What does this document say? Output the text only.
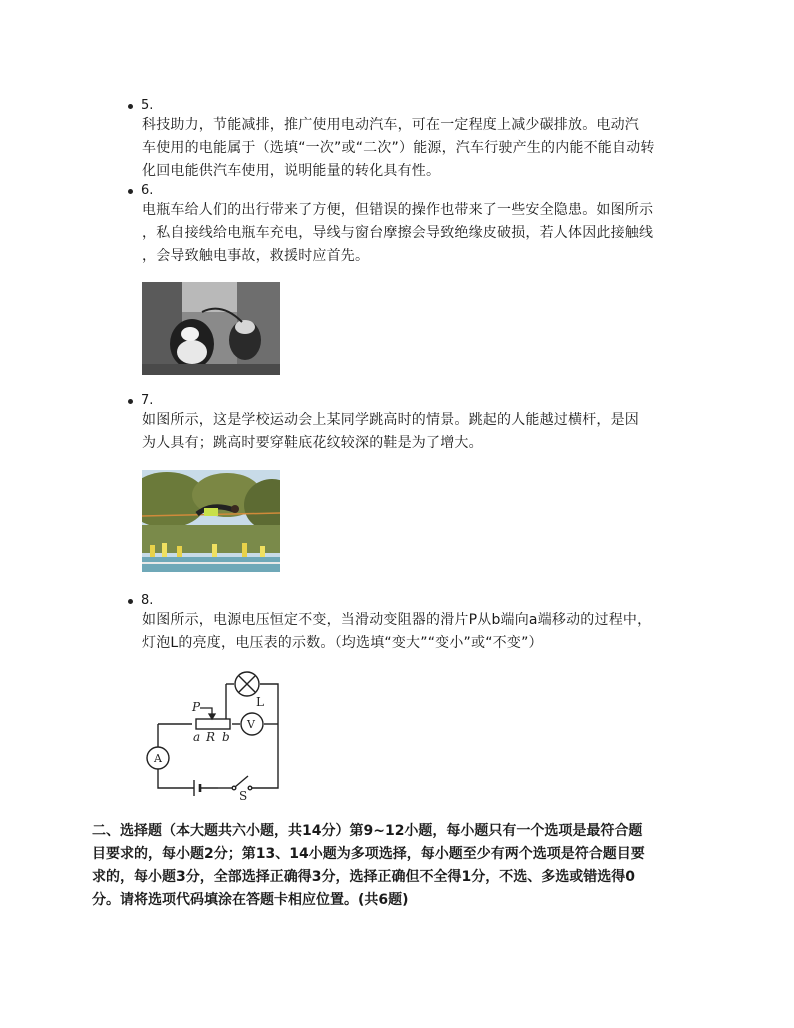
5.

科技助力，节能减排，推广使用电动汽车，可在一定程度上减少碳排放。电动汽

车使用的电能属于（选填“一次”或“二次”）能源，汽车行驶产生的内能不能自动转

化回电能供汽车使用，说明能量的转化具有性。

6.

电瓶车给人们的出行带来了方便，但错误的操作也带来了一些安全隐患。如图所示

，私自接线给电瓶车充电，导线与窗台摩擦会导致绝缘皮破损，若人体因此接触线

，会导致触电事故，救援时应首先。

7.

如图所示，这是学校运动会上某同学跳高时的情景。跳起的人能越过横杆，是因

为人具有；跳高时要穿鞋底花纹较深的鞋是为了增大。

8.

如图所示，电源电压恒定不变，当滑动变阻器的滑片P从b端向a端移动的过程中，

灯泡L的亮度，电压表的示数。（均选填“变大”“变小”或“不变”）

P
a R b
L
V
A
S

二、选择题（本大题共六小题，共14分）第9~12小题，每小题只有一个选项是最符合题

目要求的，每小题2分；第13、14小题为多项选择，每小题至少有两个选项是符合题目要

求的，每小题3分，全部选择正确得3分，选择正确但不全得1分，不选、多选或错选得0

分。请将选项代码填涂在答题卡相应位置。(共6题)
